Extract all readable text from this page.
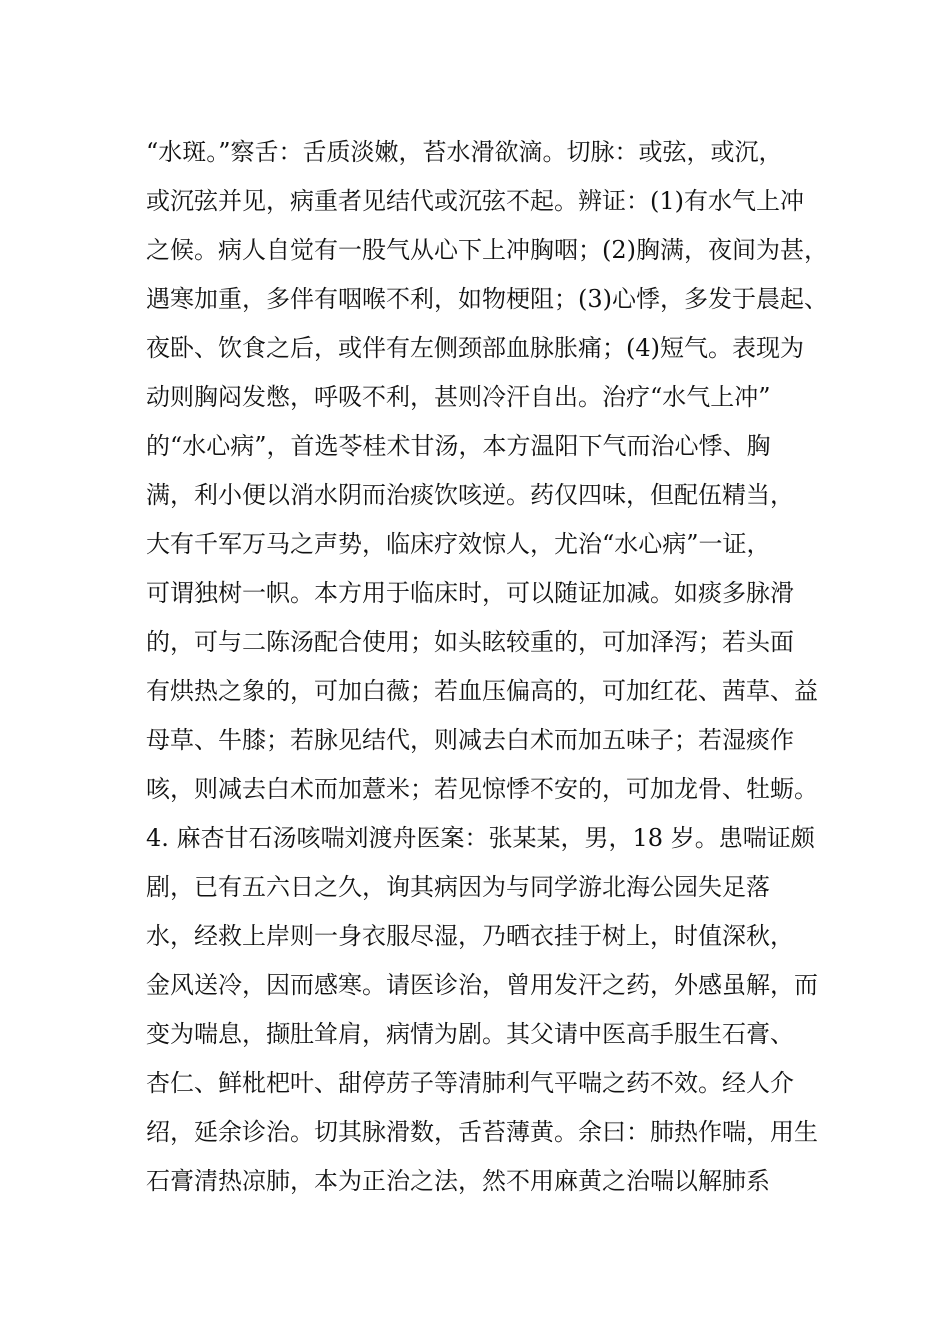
“水斑。”察舌：舌质淡嫩，苔水滑欲滴。切脉：或弦，或沉，
或沉弦并见，病重者见结代或沉弦不起。辨证：(1)有水气上冲
之候。病人自觉有一股气从心下上冲胸咽；(2)胸满，夜间为甚，
遇寒加重，多伴有咽喉不利，如物梗阻；(3)心悸，多发于晨起、
夜卧、饮食之后，或伴有左侧颈部血脉胀痛；(4)短气。表现为
动则胸闷发憋，呼吸不利，甚则冷汗自出。治疗“水气上冲”
的“水心病”，首选苓桂术甘汤，本方温阳下气而治心悸、胸
满，利小便以消水阴而治痰饮咳逆。药仅四味，但配伍精当，
大有千军万马之声势，临床疗效惊人，尤治“水心病”一证，
可谓独树一帜。本方用于临床时，可以随证加减。如痰多脉滑
的，可与二陈汤配合使用；如头眩较重的，可加泽泻；若头面
有烘热之象的，可加白薇；若血压偏高的，可加红花、茜草、益
母草、牛膝；若脉见结代，则减去白术而加五味子；若湿痰作
咳，则减去白术而加薏米；若见惊悸不安的，可加龙骨、牡蛎。
4. 麻杏甘石汤咳喘刘渡舟医案：张某某，男，18 岁。患喘证颇
剧，已有五六日之久，询其病因为与同学游北海公园失足落
水，经救上岸则一身衣服尽湿，乃晒衣挂于树上，时值深秋，
金风送冷，因而感寒。请医诊治，曾用发汗之药，外感虽解，而
变为喘息，撷肚耸肩，病情为剧。其父请中医高手服生石膏、
杏仁、鲜枇杷叶、甜停苈子等清肺利气平喘之药不效。经人介
绍，延余诊治。切其脉滑数，舌苔薄黄。余曰：肺热作喘，用生
石膏清热凉肺，本为正治之法，然不用麻黄之治喘以解肺系
